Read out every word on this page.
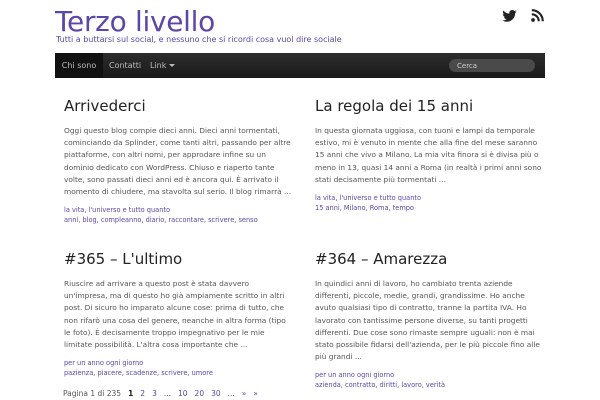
Terzo livello
Tutti a buttarsi sul social, e nessuno che si ricordi cosa vuol dire sociale
Chi sono	Contatti Link
Cerca
Arrivederci
Oggi questo blog compie dieci anni. Dieci anni tormentati, cominciando da Splinder, come tanti altri, passando per altre piattaforme, con altri nomi, per approdare infine su un dominio dedicato con WordPress. Chiuso e riaperto tante volte, sono passati dieci anni ed è ancora qui. È arrivato il momento di chiudere, ma stavolta sul serio. Il blog rimarrà ...
la vita, l'universo e tutto quanto
anni, blog, compleanno, diario, raccontare, scrivere, senso
La regola dei 15 anni
In questa giornata uggiosa, con tuoni e lampi da temporale estivo, mi è venuto in mente che alla fine del mese saranno 15 anni che vivo a Milano. La mia vita finora si è divisa più o meno in 13, quasi 14 anni a Roma (in realtà i primi anni sono stati decisamente più tormentati ...
la vita, l'universo e tutto quanto
15 anni, Milano, Roma, tempo
#365 – L'ultimo
Riuscire ad arrivare a questo post è stata davvero un'impresa, ma di questo ho già ampiamente scritto in altri post. Di sicuro ho imparato alcune cose: prima di tutto, che non rifarò una cosa del genere, neanche in altra forma (tipo le foto). È decisamente troppo impegnativo per le mie limitate possibilità. L'altra cosa importante che ...
per un anno ogni giorno
pazienza, piacere, scadenze, scrivere, umore
#364 – Amarezza
In quindici anni di lavoro, ho cambiato trenta aziende differenti, piccole, medie, grandi, grandissime. Ho anche avuto qualsiasi tipo di contratto, tranne la partita IVA. Ho lavorato con tantissime persone diverse, su tanti progetti differenti. Due cose sono rimaste sempre uguali: non è mai stato possibile fidarsi dell'azienda, per le più piccole fino alle più grandi ...
per un anno ogni giorno
azienda, contratto, diritti, lavoro, verità
Pagina 1 di 235 1 2 3 ... 10 20 30 ... » »
